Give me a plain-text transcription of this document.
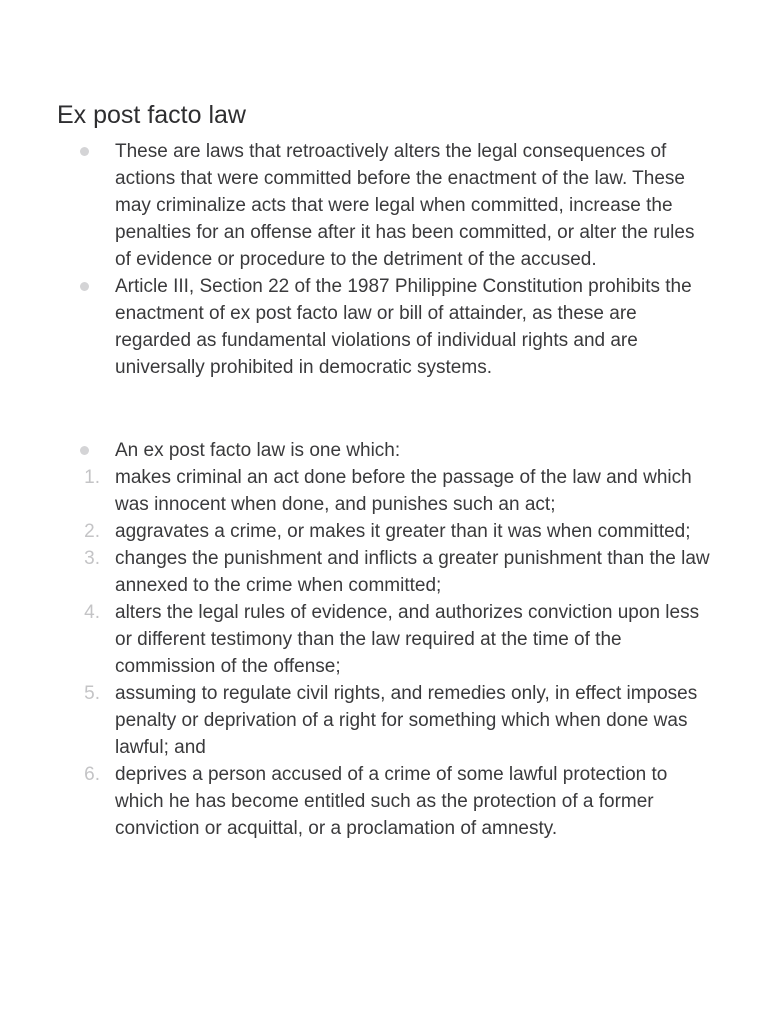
Ex post facto law
These are laws that retroactively alters the legal consequences of actions that were committed before the enactment of the law. These may criminalize acts that were legal when committed, increase the penalties for an offense after it has been committed, or alter the rules of evidence or procedure to the detriment of the accused.
Article III, Section 22 of the 1987 Philippine Constitution prohibits the enactment of ex post facto law or bill of attainder, as these are regarded as fundamental violations of individual rights and are universally prohibited in democratic systems.
An ex post facto law is one which:
1. makes criminal an act done before the passage of the law and which was innocent when done, and punishes such an act;
2. aggravates a crime, or makes it greater than it was when committed;
3. changes the punishment and inflicts a greater punishment than the law annexed to the crime when committed;
4. alters the legal rules of evidence, and authorizes conviction upon less or different testimony than the law required at the time of the commission of the offense;
5. assuming to regulate civil rights, and remedies only, in effect imposes penalty or deprivation of a right for something which when done was lawful; and
6. deprives a person accused of a crime of some lawful protection to which he has become entitled such as the protection of a former conviction or acquittal, or a proclamation of amnesty.
